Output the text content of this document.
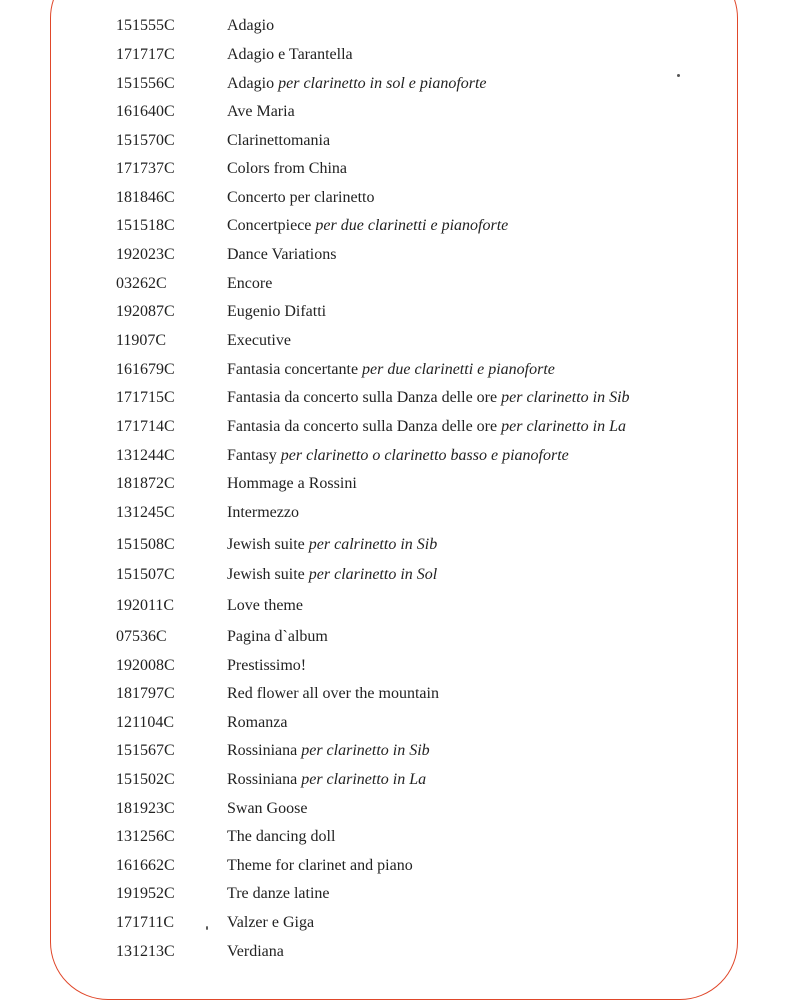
151555C	Adagio
171717C	Adagio e Tarantella
151556C	Adagio per clarinetto in sol e pianoforte
161640C	Ave Maria
151570C	Clarinettomania
171737C	Colors from China
181846C	Concerto per clarinetto
151518C	Concertpiece per due clarinetti e pianoforte
192023C	Dance Variations
03262C	Encore
192087C	Eugenio Difatti
11907C	Executive
161679C	Fantasia concertante per due clarinetti e pianoforte
171715C	Fantasia da concerto sulla Danza delle ore per clarinetto in Sib
171714C	Fantasia da concerto sulla Danza delle ore per clarinetto in La
131244C	Fantasy per clarinetto o clarinetto basso e pianoforte
181872C	Hommage a Rossini
131245C	Intermezzo
151508C	Jewish suite per calrinetto in Sib
151507C	Jewish suite per clarinetto in Sol
192011C	Love theme
07536C	Pagina d`album
192008C	Prestissimo!
181797C	Red flower all over the mountain
121104C	Romanza
151567C	Rossiniana per clarinetto in Sib
151502C	Rossiniana per clarinetto in La
181923C	Swan Goose
131256C	The dancing doll
161662C	Theme for clarinet and piano
191952C	Tre danze latine
171711C	Valzer e Giga
131213C	Verdiana
